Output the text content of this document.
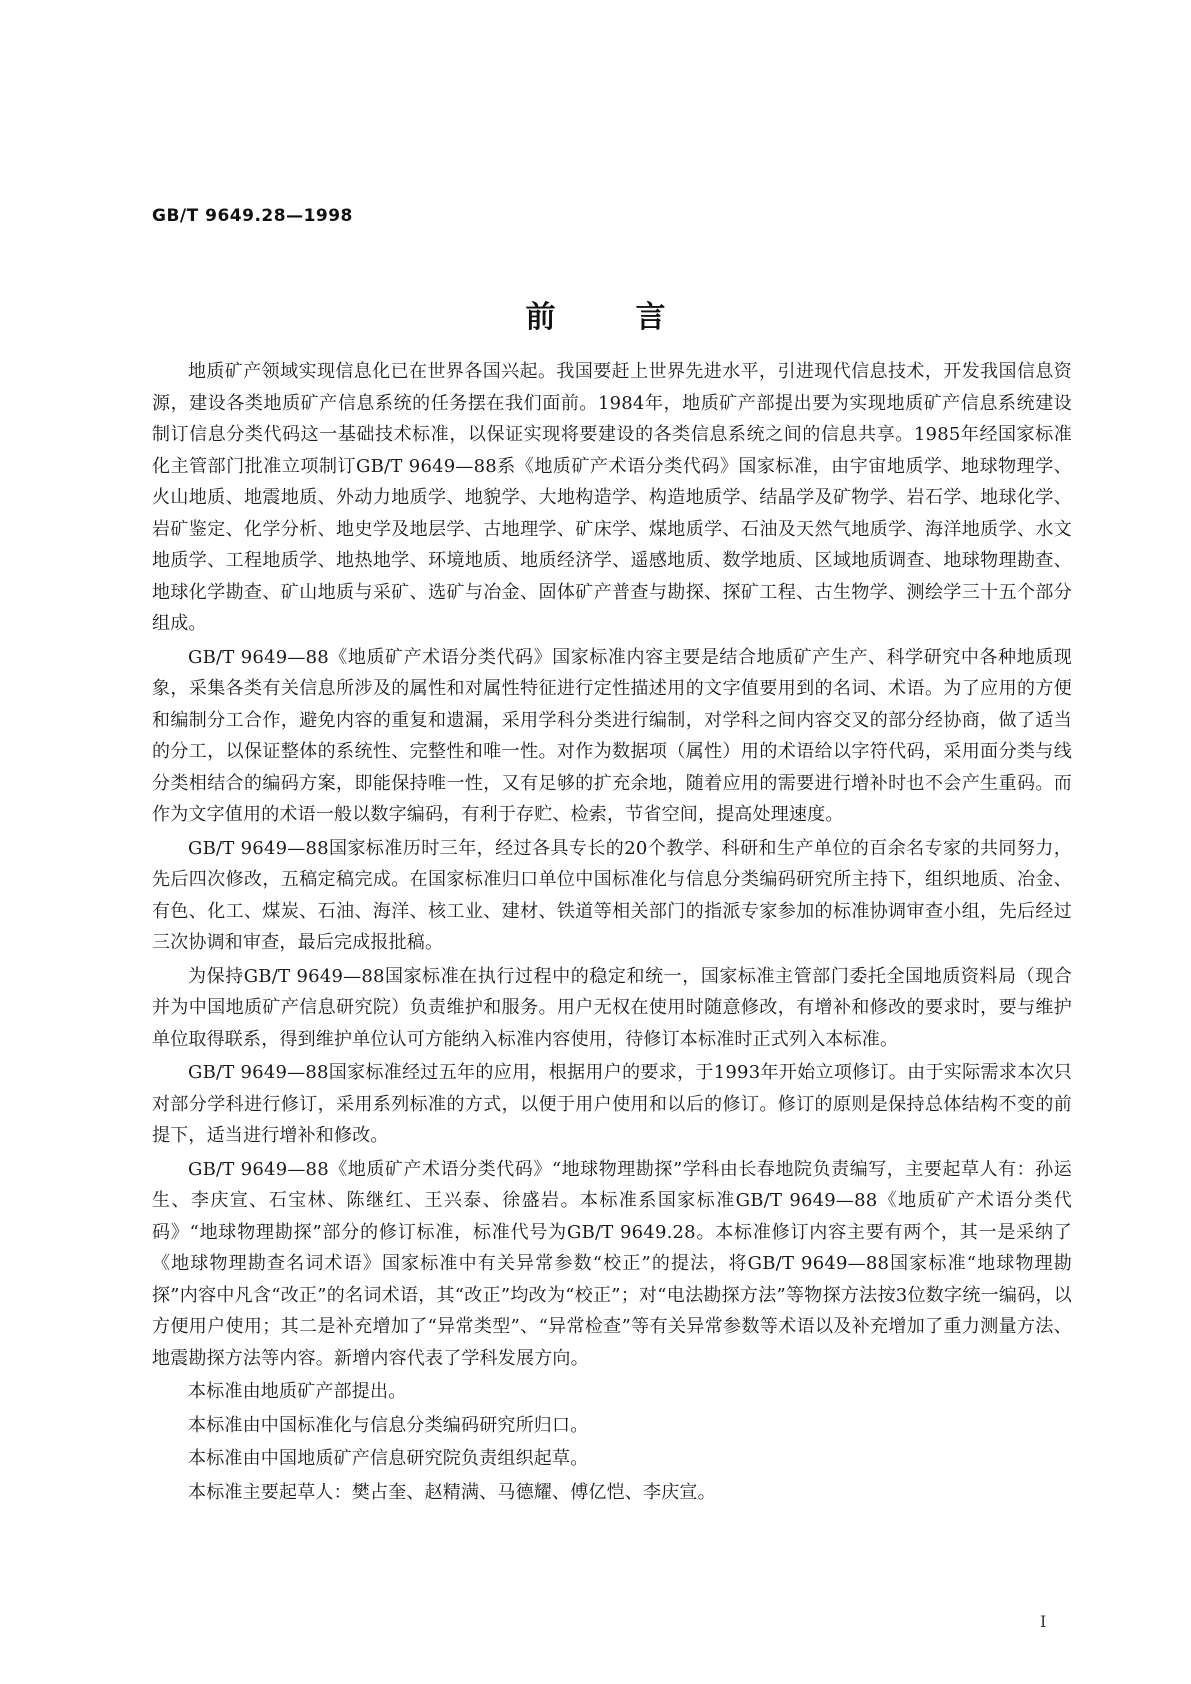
GB/T 9649.28—1998
前言

地质矿产领域实现信息化已在世界各国兴起。我国要赶上世界先进水平，引进现代信息技术，开发我国信息资源，建设各类地质矿产信息系统的任务摆在我们面前。1984年，地质矿产部提出要为实现地质矿产信息系统建设制订信息分类代码这一基础技术标准，以保证实现将要建设的各类信息系统之间的信息共享。1985年经国家标准化主管部门批准立项制订GB/T 9649—88系《地质矿产术语分类代码》国家标准，由宇宙地质学、地球物理学、火山地质、地震地质、外动力地质学、地貌学、大地构造学、构造地质学、结晶学及矿物学、岩石学、地球化学、岩矿鉴定、化学分析、地史学及地层学、古地理学、矿床学、煤地质学、石油及天然气地质学、海洋地质学、水文地质学、工程地质学、地热地学、环境地质、地质经济学、遥感地质、数学地质、区域地质调查、地球物理勘查、地球化学勘查、矿山地质与采矿、选矿与冶金、固体矿产普查与勘探、探矿工程、古生物学、测绘学三十五个部分组成。

GB/T 9649—88《地质矿产术语分类代码》国家标准内容主要是结合地质矿产生产、科学研究中各种地质现象，采集各类有关信息所涉及的属性和对属性特征进行定性描述用的文字值要用到的名词、术语。为了应用的方便和编制分工合作，避免内容的重复和遗漏，采用学科分类进行编制，对学科之间内容交叉的部分经协商，做了适当的分工，以保证整体的系统性、完整性和唯一性。对作为数据项（属性）用的术语给以字符代码，采用面分类与线分类相结合的编码方案，即能保持唯一性，又有足够的扩充余地，随着应用的需要进行增补时也不会产生重码。而作为文字值用的术语一般以数字编码，有利于存贮、检索，节省空间，提高处理速度。

GB/T 9649—88国家标准历时三年，经过各具专长的20个教学、科研和生产单位的百余名专家的共同努力，先后四次修改，五稿定稿完成。在国家标准归口单位中国标准化与信息分类编码研究所主持下，组织地质、冶金、有色、化工、煤炭、石油、海洋、核工业、建材、铁道等相关部门的指派专家参加的标准协调审查小组，先后经过三次协调和审查，最后完成报批稿。

为保持GB/T 9649—88国家标准在执行过程中的稳定和统一，国家标准主管部门委托全国地质资料局（现合并为中国地质矿产信息研究院）负责维护和服务。用户无权在使用时随意修改，有增补和修改的要求时，要与维护单位取得联系，得到维护单位认可方能纳入标准内容使用，待修订本标准时正式列入本标准。

GB/T 9649—88国家标准经过五年的应用，根据用户的要求，于1993年开始立项修订。由于实际需求本次只对部分学科进行修订，采用系列标准的方式，以便于用户使用和以后的修订。修订的原则是保持总体结构不变的前提下，适当进行增补和修改。

GB/T 9649—88《地质矿产术语分类代码》“地球物理勘探”学科由长春地院负责编写，主要起草人有：孙运生、李庆宣、石宝林、陈继红、王兴泰、徐盛岩。本标准系国家标准GB/T 9649—88《地质矿产术语分类代码》“地球物理勘探”部分的修订标准，标准代号为GB/T 9649.28。本标准修订内容主要有两个，其一是采纳了《地球物理勘查名词术语》国家标准中有关异常参数“校正”的提法，将GB/T 9649—88国家标准“地球物理勘探”内容中凡含“改正”的名词术语，其“改正”均改为“校正”；对“电法勘探方法”等物探方法按3位数字统一编码，以方便用户使用；其二是补充增加了“异常类型”、“异常检查”等有关异常参数等术语以及补充增加了重力测量方法、地震勘探方法等内容。新增内容代表了学科发展方向。

本标准由地质矿产部提出。

本标准由中国标准化与信息分类编码研究所归口。

本标准由中国地质矿产信息研究院负责组织起草。

本标准主要起草人：樊占奎、赵精满、马德耀、傅亿恺、李庆宣。

I
